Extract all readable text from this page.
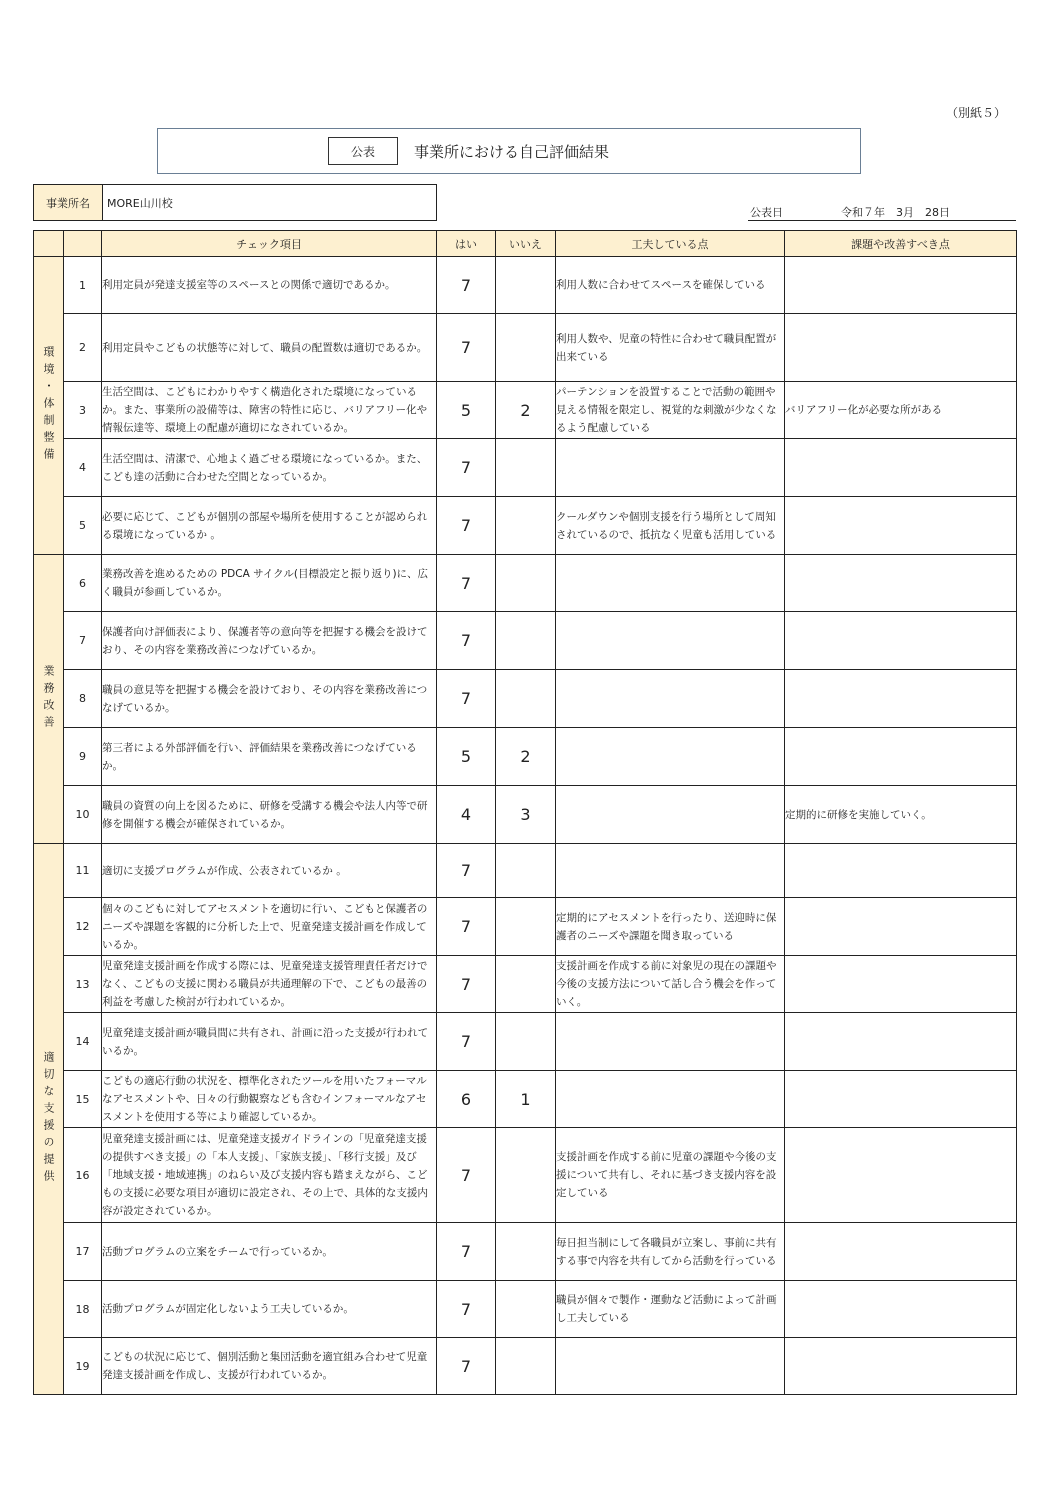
（別紙５）
公表	事業所における自己評価結果
事業所名	MORE山川校
公表日	令和７年　3月　28日
		チェック項目	はい	いいえ	工夫している点	課題や改善すべき点
環境・体制整備	1	利用定員が発達支援室等のスペースとの関係で適切であるか。	7		利用人数に合わせてスペースを確保している	
	2	利用定員やこどもの状態等に対して、職員の配置数は適切であるか。	7		利用人数や、児童の特性に合わせて職員配置が出来ている	
	3	生活空間は、こどもにわかりやすく構造化された環境になっているか。また、事業所の設備等は、障害の特性に応じ、バリアフリー化や情報伝達等、環境上の配慮が適切になされているか。	5	2	パーテンションを設置することで活動の範囲や見える情報を限定し、視覚的な刺激が少なくなるよう配慮している	バリアフリー化が必要な所がある
	4	生活空間は、清潔で、心地よく過ごせる環境になっているか。また、こども達の活動に合わせた空間となっているか。	7			
	5	必要に応じて、こどもが個別の部屋や場所を使用することが認められる環境になっているか 。	7		クールダウンや個別支援を行う場所として周知されているので、抵抗なく児童も活用している	
業務改善	6	業務改善を進めるための PDCA サイクル(目標設定と振り返り)に、広く職員が参画しているか。	7			
	7	保護者向け評価表により、保護者等の意向等を把握する機会を設けており、その内容を業務改善につなげているか。	7			
	8	職員の意見等を把握する機会を設けており、その内容を業務改善につなげているか。	7			
	9	第三者による外部評価を行い、評価結果を業務改善につなげているか。	5	2		
	10	職員の資質の向上を図るために、研修を受講する機会や法人内等で研修を開催する機会が確保されているか。	4	3		定期的に研修を実施していく。
適切な支援の提供	11	適切に支援プログラムが作成、公表されているか 。	7			
	12	個々のこどもに対してアセスメントを適切に行い、こどもと保護者のニーズや課題を客観的に分析した上で、児童発達支援計画を作成しているか。	7		定期的にアセスメントを行ったり、送迎時に保護者のニーズや課題を聞き取っている	
	13	児童発達支援計画を作成する際には、児童発達支援管理責任者だけでなく、こどもの支援に関わる職員が共通理解の下で、こどもの最善の利益を考慮した検討が行われているか。	7		支援計画を作成する前に対象児の現在の課題や今後の支援方法について話し合う機会を作っていく。	
	14	児童発達支援計画が職員間に共有され、計画に沿った支援が行われているか。	7			
	15	こどもの適応行動の状況を、標準化されたツールを用いたフォーマルなアセスメントや、日々の行動観察なども含むインフォーマルなアセスメントを使用する等により確認しているか。	6	1		
	16	児童発達支援計画には、児童発達支援ガイドラインの「児童発達支援の提供すべき支援」の「本人支援」、「家族支援」、「移行支援」及び「地域支援・地域連携」のねらい及び支援内容も踏まえながら、こどもの支援に必要な項目が適切に設定され、その上で、具体的な支援内容が設定されているか。	7		支援計画を作成する前に児童の課題や今後の支援について共有し、それに基づき支援内容を設定している	
	17	活動プログラムの立案をチームで行っているか。	7		毎日担当制にして各職員が立案し、事前に共有する事で内容を共有してから活動を行っている	
	18	活動プログラムが固定化しないよう工夫しているか。	7		職員が個々で製作・運動など活動によって計画し工夫している	
	19	こどもの状況に応じて、個別活動と集団活動を適宜組み合わせて児童発達支援計画を作成し、支援が行われているか。	7			
